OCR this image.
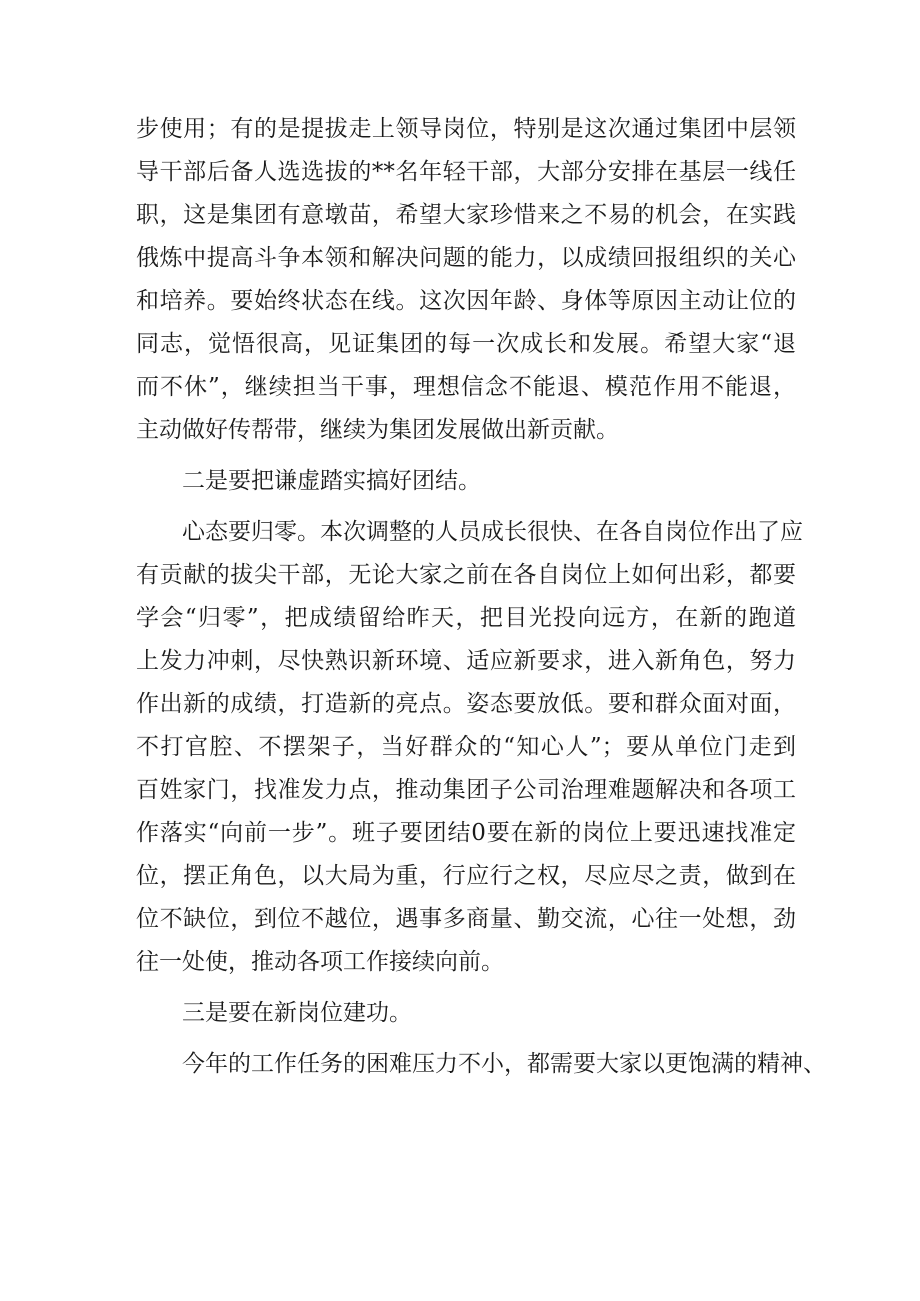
步使用；有的是提拔走上领导岗位，特别是这次通过集团中层领
导干部后备人选选拔的**名年轻干部，大部分安排在基层一线任
职，这是集团有意墩苗，希望大家珍惜来之不易的机会，在实践
俄炼中提高斗争本领和解决问题的能力，以成绩回报组织的关心
和培养。要始终状态在线。这次因年龄、身体等原因主动让位的
同志，觉悟很高，见证集团的每一次成长和发展。希望大家“退
而不休”，继续担当干事，理想信念不能退、模范作用不能退，
主动做好传帮带，继续为集团发展做出新贡献。
二是要把谦虚踏实搞好团结。
心态要归零。本次调整的人员成长很快、在各自岗位作出了应
有贡献的拔尖干部，无论大家之前在各自岗位上如何出彩，都要
学会“归零”，把成绩留给昨天，把目光投向远方，在新的跑道
上发力冲刺，尽快熟识新环境、适应新要求，进入新角色，努力
作出新的成绩，打造新的亮点。姿态要放低。要和群众面对面，
不打官腔、不摆架子，当好群众的“知心人”；要从单位门走到
百姓家门，找准发力点，推动集团子公司治理难题解决和各项工
作落实“向前一步”。班子要团结0要在新的岗位上要迅速找准定
位，摆正角色，以大局为重，行应行之权，尽应尽之责，做到在
位不缺位，到位不越位，遇事多商量、勤交流，心往一处想，劲
往一处使，推动各项工作接续向前。
三是要在新岗位建功。
今年的工作任务的困难压力不小，都需要大家以更饱满的精神、
